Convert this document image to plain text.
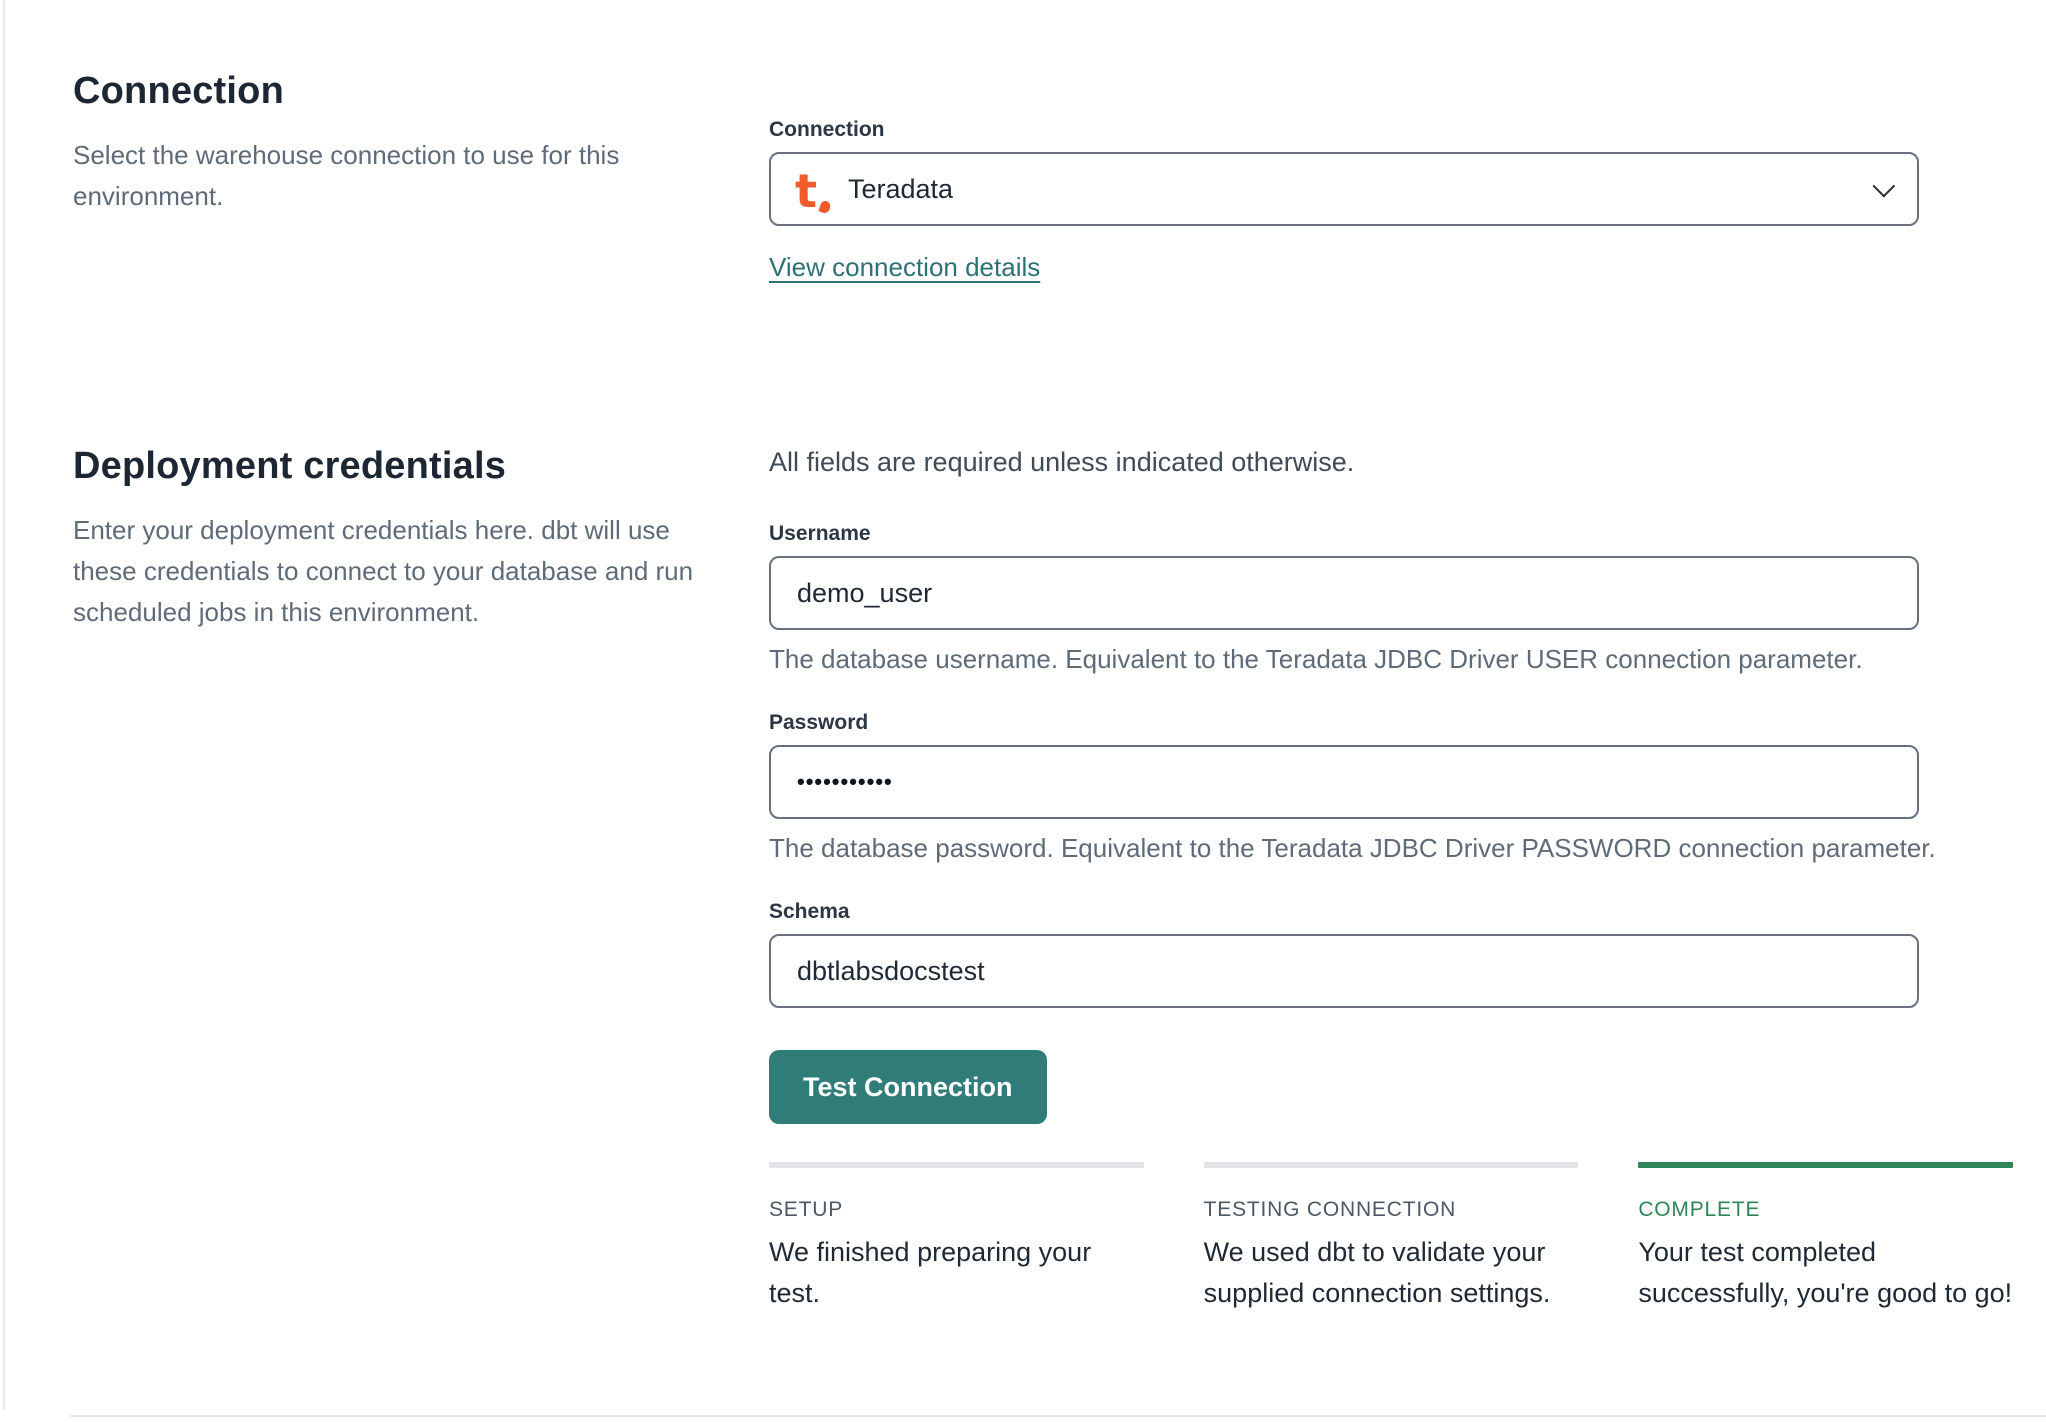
Connection

Select the warehouse connection to use for this environment.

Connection
t Teradata
View connection details
Deployment credentials

Enter your deployment credentials here. dbt will use these credentials to connect to your database and run scheduled jobs in this environment.

All fields are required unless indicated otherwise.
Username
demo_user
The database username. Equivalent to the Teradata JDBC Driver USER connection parameter.
Password
•••••••••••
The database password. Equivalent to the Teradata JDBC Driver PASSWORD connection parameter.
Schema
dbtlabsdocstest
Test Connection
SETUP
We finished preparing your test.
TESTING CONNECTION
We used dbt to validate your supplied connection settings.
COMPLETE
Your test completed successfully, you're good to go!
